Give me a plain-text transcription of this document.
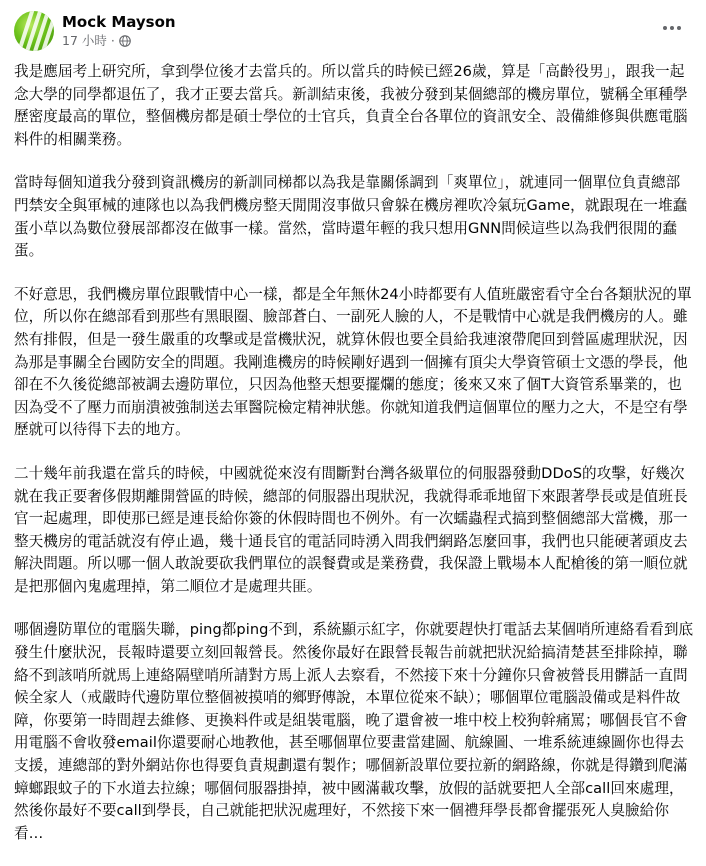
Mock Mayson
17 小時 ·

我是應屆考上研究所，拿到學位後才去當兵的。所以當兵的時候已經26歲，算是「高齡役男」，跟我一起念大學的同學都退伍了，我才正要去當兵。新訓結束後，我被分發到某個總部的機房單位，號稱全軍種學歷密度最高的單位，整個機房都是碩士學位的士官兵，負責全台各單位的資訊安全、設備維修與供應電腦料件的相關業務。

當時每個知道我分發到資訊機房的新訓同梯都以為我是靠關係調到「爽單位」，就連同一個單位負責總部門禁安全與軍械的連隊也以為我們機房整天閒閒沒事做只會躲在機房裡吹冷氣玩Game，就跟現在一堆蠢蛋小草以為數位發展部都沒在做事一樣。當然，當時還年輕的我只想用GNN問候這些以為我們很閒的蠢蛋。

不好意思，我們機房單位跟戰情中心一樣，都是全年無休24小時都要有人值班嚴密看守全台各類狀況的單位，所以你在總部看到那些有黑眼圈、臉部蒼白、一副死人臉的人，不是戰情中心就是我們機房的人。雖然有排假，但是一發生嚴重的攻擊或是當機狀況，就算休假也要全員給我連滾帶爬回到營區處理狀況，因為那是事關全台國防安全的問題。我剛進機房的時候剛好遇到一個擁有頂尖大學資管碩士文憑的學長，他卻在不久後從總部被調去邊防單位，只因為他整天想要擺爛的態度；後來又來了個T大資管系畢業的，也因為受不了壓力而崩潰被強制送去軍醫院檢定精神狀態。你就知道我們這個單位的壓力之大，不是空有學歷就可以待得下去的地方。

二十幾年前我還在當兵的時候，中國就從來沒有間斷對台灣各級單位的伺服器發動DDoS的攻擊，好幾次就在我正要奢侈假期離開營區的時候，總部的伺服器出現狀況，我就得乖乖地留下來跟著學長或是值班長官一起處理，即使那已經是連長給你簽的休假時間也不例外。有一次蠕蟲程式搞到整個總部大當機，那一整天機房的電話就沒有停止過，幾十通長官的電話同時湧入問我們網路怎麼回事，我們也只能硬著頭皮去解決問題。所以哪一個人敢說要砍我們單位的誤餐費或是業務費，我保證上戰場本人配槍後的第一順位就是把那個內鬼處理掉，第二順位才是處理共匪。

哪個邊防單位的電腦失聯，ping都ping不到，系統顯示紅字，你就要趕快打電話去某個哨所連絡看看到底發生什麼狀況，長報時還要立刻回報營長。然後你最好在跟營長報告前就把狀況給搞清楚甚至排除掉，聯絡不到該哨所就馬上連絡隔壁哨所請對方馬上派人去察看，不然接下來十分鐘你只會被營長用髒話一直問候全家人（戒嚴時代邊防單位整個被摸哨的鄉野傳說，本單位從來不缺）；哪個單位電腦設備或是料件故障，你要第一時間趕去維修、更換料件或是組裝電腦，晚了還會被一堆中校上校狗幹痛罵；哪個長官不會用電腦不會收發email你還要耐心地教他，甚至哪個單位要畫當建圖、航線圖、一堆系統連線圖你也得去支援，連總部的對外網站你也得要負責規劃還有製作；哪個新設單位要拉新的網路線，你就是得鑽到爬滿蟑螂跟蚊子的下水道去拉線；哪個伺服器掛掉，被中國滿載攻擊，放假的話就要把人全部call回來處理，然後你最好不要call到學長，自己就能把狀況處理好，不然接下來一個禮拜學長都會擺張死人臭臉給你看…
